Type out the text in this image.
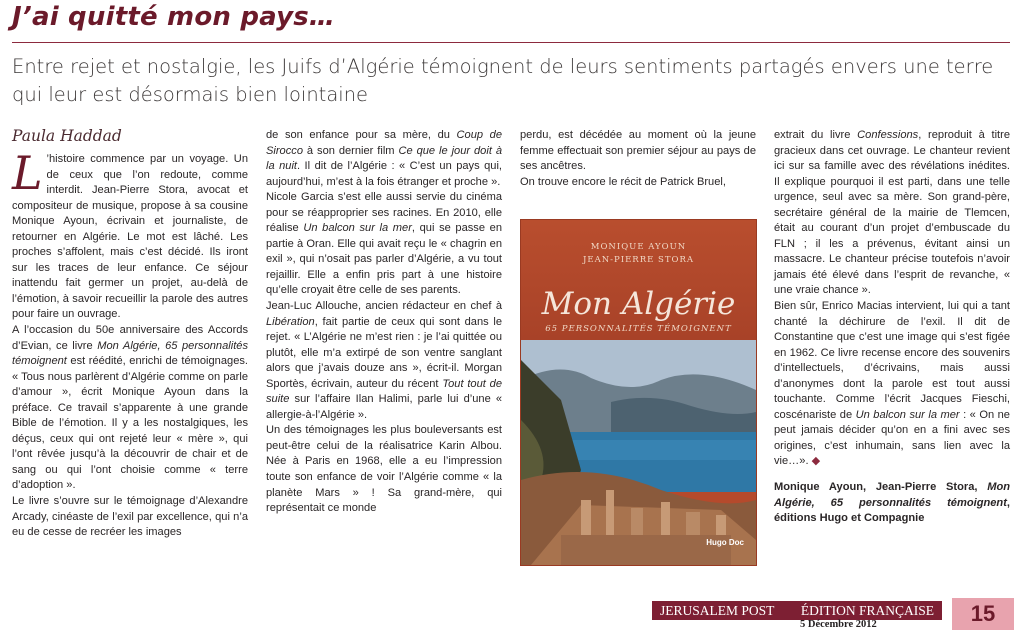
J’ai quitté mon pays…
Entre rejet et nostalgie, les Juifs d’Algérie témoignent de leurs sentiments partagés envers une terre qui leur est désormais bien lointaine
Paula Haddad

L ’histoire commence par un voyage. Un de ceux que l’on redoute, comme interdit. Jean-Pierre Stora, avocat et compositeur de musique, propose à sa cousine Monique Ayoun, écrivain et journaliste, de retourner en Algérie. Le mot est lâché. Les proches s’affolent, mais c’est décidé. Ils iront sur les traces de leur enfance. Ce séjour inattendu fait germer un projet, au-delà de l’émotion, à savoir recueillir la parole des autres pour faire un ouvrage.

A l’occasion du 50e anniversaire des Accords d’Evian, ce livre Mon Algérie, 65 personnalités témoignent est réédité, enrichi de témoignages. « Tous nous parlèrent d’Algérie comme on parle d’amour », écrit Monique Ayoun dans la préface. Ce travail s’apparente à une grande Bible de l’émotion. Il y a les nostalgiques, les déçus, ceux qui ont rejeté leur « mère », qui l’ont rêvée jusqu’à la découvrir de chair et de sang ou qui l’ont choisie comme « terre d’adoption ».

Le livre s’ouvre sur le témoignage d’Alexandre Arcady, cinéaste de l’exil par excellence, qui n’a eu de cesse de recréer les images

de son enfance pour sa mère, du Coup de Sirocco à son dernier film Ce que le jour doit à la nuit. Il dit de l’Algérie : « C’est un pays qui, aujourd’hui, m’est à la fois étranger et proche ».

Nicole Garcia s’est elle aussi servie du cinéma pour se réapproprier ses racines. En 2010, elle réalise Un balcon sur la mer, qui se passe en partie à Oran. Elle qui avait reçu le « chagrin en exil », qui n’osait pas parler d’Algérie, a vu tout rejaillir. Elle a enfin pris part à une histoire qu’elle croyait être celle de ses parents.

Jean-Luc Allouche, ancien rédacteur en chef à Libération, fait partie de ceux qui sont dans le rejet. « L’Algérie ne m’est rien : je l’ai quittée ou plutôt, elle m’a extirpé de son ventre sanglant alors que j’avais douze ans », écrit-il. Morgan Sportès, écrivain, auteur du récent Tout tout de suite sur l’affaire Ilan Halimi, parle lui d’une « allergie-à-l’Algérie ».

Un des témoignages les plus bouleversants est peut-être celui de la réalisatrice Karin Albou. Née à Paris en 1968, elle a eu l’impression toute son enfance de voir l’Algérie comme « la planète Mars » ! Sa grand-mère, qui représentait ce monde

perdu, est décédée au moment où la jeune femme effectuait son premier séjour au pays de ses ancêtres.

On trouve encore le récit de Patrick Bruel,

MONIQUE AYOUN
JEAN-PIERRE STORA
Mon Algérie
65 PERSONNALITÉS TÉMOIGNENT
Hugo Doc

extrait du livre Confessions, reproduit à titre gracieux dans cet ouvrage. Le chanteur revient ici sur sa famille avec des révélations inédites. Il explique pourquoi il est parti, dans une telle urgence, seul avec sa mère. Son grand-père, secrétaire général de la mairie de Tlemcen, était au courant d’un projet d’embuscade du FLN ; il les a prévenus, évitant ainsi un massacre. Le chanteur précise toutefois n’avoir jamais été élevé dans l’esprit de revanche, « une vraie chance ».

Bien sûr, Enrico Macias intervient, lui qui a tant chanté la déchirure de l’exil. Il dit de Constantine que c’est une image qui s’est figée en 1962. Ce livre recense encore des souvenirs d’intellectuels, d’écrivains, mais aussi d’anonymes dont la parole est tout aussi touchante. Comme l’écrit Jacques Fieschi, coscénariste de Un balcon sur la mer : « On ne peut jamais décider qu’on en a fini avec ses origines, c’est inhumain, sans lien avec la vie…». ◆

Monique Ayoun, Jean-Pierre Stora, Mon Algérie, 65 personnalités témoignent, éditions Hugo et Compagnie
JERUSALEM POST ÉDITION FRANÇAISE
5 Décembre 2012	15
